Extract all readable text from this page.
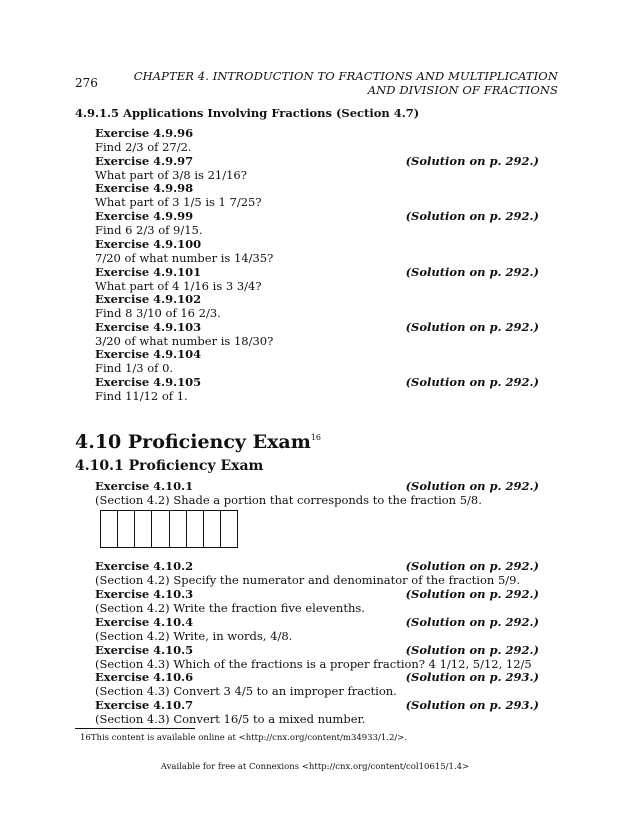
276	CHAPTER 4. INTRODUCTION TO FRACTIONS AND MULTIPLICATION
AND DIVISION OF FRACTIONS
4.9.1.5 Applications Involving Fractions (Section 4.7)
Exercise 4.9.96
Find 2/3 of 27/2.
Exercise 4.9.97
What part of 3/8 is 21/16?
(Solution on p. 292.)
Exercise 4.9.98
What part of 3 1/5 is 1 7/25?
Exercise 4.9.99
Find 6 2/3 of 9/15.
(Solution on p. 292.)
Exercise 4.9.100
7/20 of what number is 14/35?
Exercise 4.9.101
What part of 4 1/16 is 3 3/4?
(Solution on p. 292.)
Exercise 4.9.102
Find 8 3/10 of 16 2/3.
Exercise 4.9.103
3/20 of what number is 18/30?
(Solution on p. 292.)
Exercise 4.9.104
Find 1/3 of 0.
Exercise 4.9.105
Find 11/12 of 1.
(Solution on p. 292.)
4.10 Proficiency Exam$^{16}$
4.10.1 Proficiency Exam
Exercise 4.10.1
(Section 4.2) Shade a portion that corresponds to the fraction 5/8.
(Solution on p. 292.)
Exercise 4.10.2
(Section 4.2) Specify the numerator and denominator of the fraction 5/9.
(Solution on p. 292.)
Exercise 4.10.3
(Section 4.2) Write the fraction five elevenths.
(Solution on p. 292.)
Exercise 4.10.4
(Section 4.2) Write, in words, 4/8.
(Solution on p. 292.)
Exercise 4.10.5
(Section 4.3) Which of the fractions is a proper fraction? 4 1/12, 5/12, 12/5
(Solution on p. 292.)
Exercise 4.10.6
(Section 4.3) Convert 3 4/5 to an improper fraction.
(Solution on p. 293.)
Exercise 4.10.7
(Section 4.3) Convert 16/5 to a mixed number.
(Solution on p. 293.)
16This content is available online at <http://cnx.org/content/m34933/1.2/>.
Available for free at Connexions <http://cnx.org/content/col10615/1.4>
